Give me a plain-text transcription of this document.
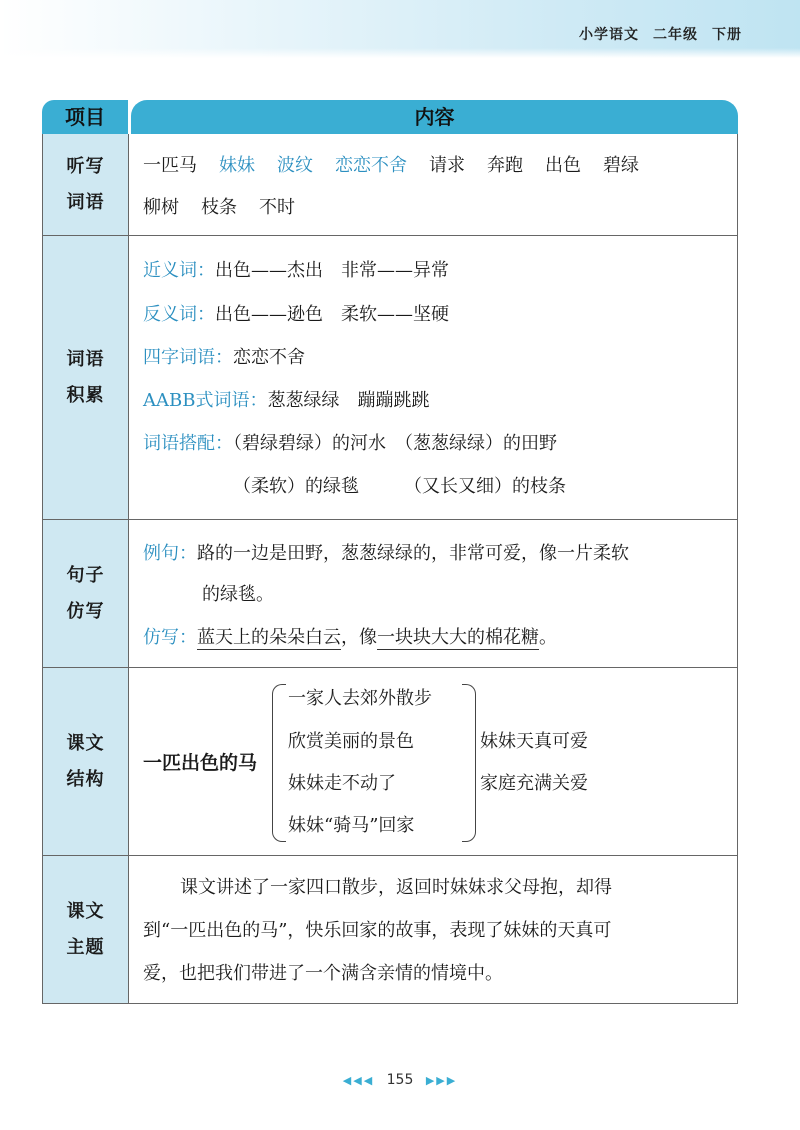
小学语文 二年级 下册
项目	内容
听写
词语
一匹马 妹妹 波纹 恋恋不舍 请求 奔跑 出色 碧绿
柳树 枝条 不时
词语
积累
近义词：出色——杰出　非常——异常
反义词：出色——逊色　柔软——坚硬
四字词语：恋恋不舍
AABB式词语：葱葱绿绿　蹦蹦跳跳
词语搭配：（碧绿碧绿）的河水　（葱葱绿绿）的田野
（柔软）的绿毯　　　（又长又细）的枝条
句子
仿写
例句：路的一边是田野，葱葱绿绿的，非常可爱，像一片柔软
的绿毯。
仿写：蓝天上的朵朵白云，像一块块大大的棉花糖。
课文
结构
一匹出色的马
一家人去郊外散步
欣赏美丽的景色
妹妹走不动了
妹妹“骑马”回家
妹妹天真可爱
家庭充满关爱
课文
主题
课文讲述了一家四口散步，返回时妹妹求父母抱，却得
到“一匹出色的马”，快乐回家的故事，表现了妹妹的天真可
爱，也把我们带进了一个满含亲情的情境中。
◀◀◀ 155 ▶▶▶
